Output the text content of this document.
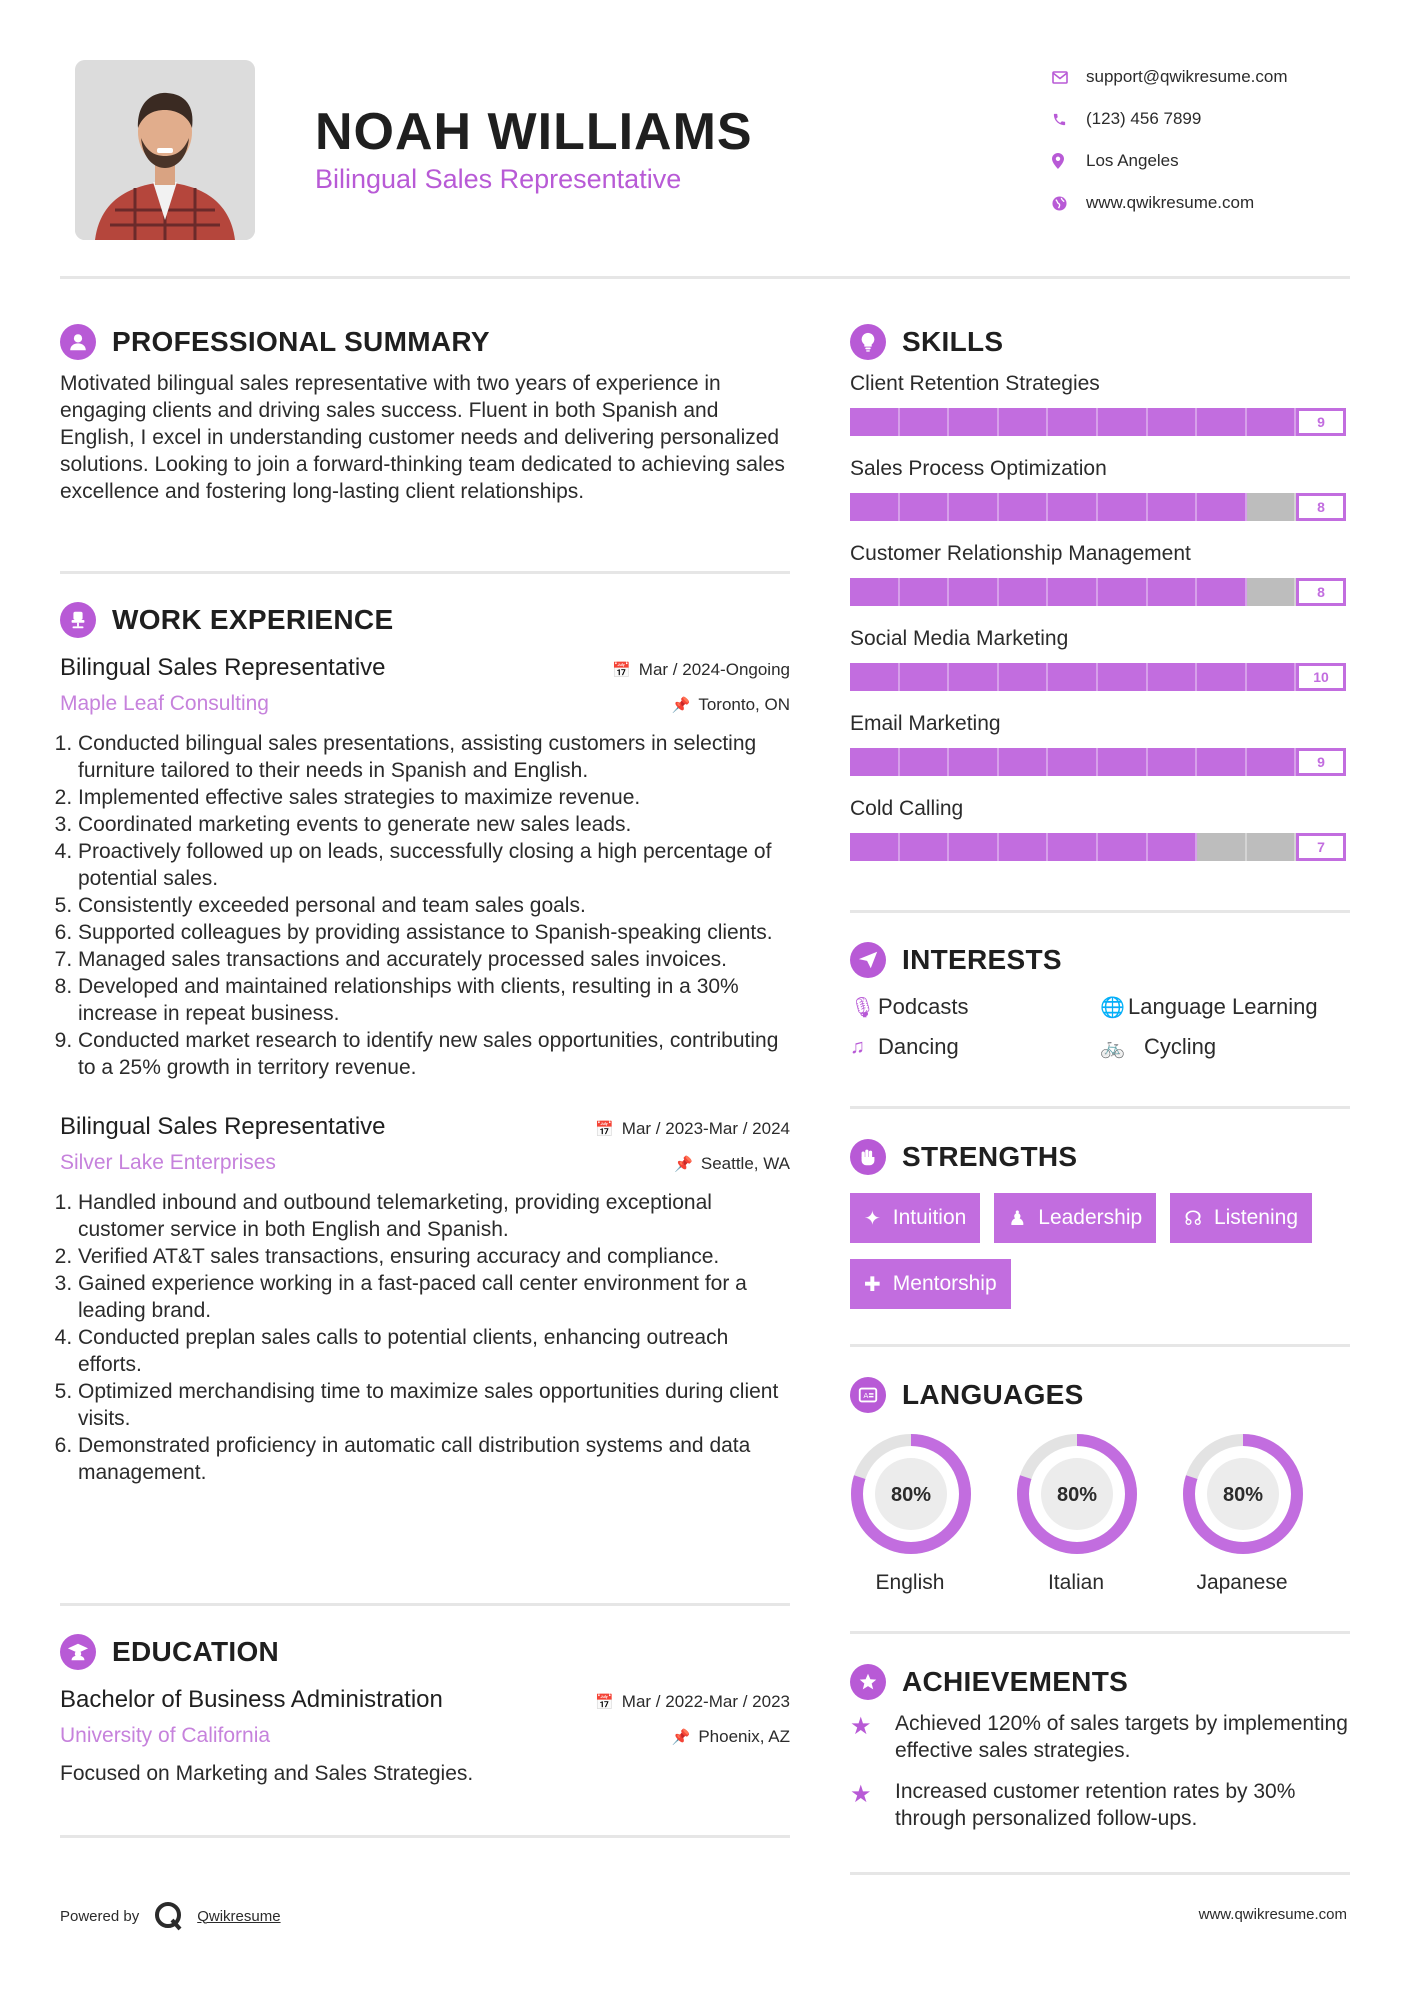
NOAH WILLIAMS
Bilingual Sales Representative
support@qwikresume.com
(123) 456 7899
Los Angeles
www.qwikresume.com
PROFESSIONAL SUMMARY

Motivated bilingual sales representative with two years of experience in engaging clients and driving sales success. Fluent in both Spanish and English, I excel in understanding customer needs and delivering personalized solutions. Looking to join a forward-thinking team dedicated to achieving sales excellence and fostering long-lasting client relationships.

WORK EXPERIENCE
Bilingual Sales Representative	📅 Mar / 2024-Ongoing
Maple Leaf Consulting	📌 Toronto, ON
1. Conducted bilingual sales presentations, assisting customers in selecting furniture tailored to their needs in Spanish and English.
2. Implemented effective sales strategies to maximize revenue.
3. Coordinated marketing events to generate new sales leads.
4. Proactively followed up on leads, successfully closing a high percentage of potential sales.
5. Consistently exceeded personal and team sales goals.
6. Supported colleagues by providing assistance to Spanish-speaking clients.
7. Managed sales transactions and accurately processed sales invoices.
8. Developed and maintained relationships with clients, resulting in a 30% increase in repeat business.
9. Conducted market research to identify new sales opportunities, contributing to a 25% growth in territory revenue.
Bilingual Sales Representative	📅 Mar / 2023-Mar / 2024
Silver Lake Enterprises	📌 Seattle, WA
1. Handled inbound and outbound telemarketing, providing exceptional customer service in both English and Spanish.
2. Verified AT&T sales transactions, ensuring accuracy and compliance.
3. Gained experience working in a fast-paced call center environment for a leading brand.
4. Conducted preplan sales calls to potential clients, enhancing outreach efforts.
5. Optimized merchandising time to maximize sales opportunities during client visits.
6. Demonstrated proficiency in automatic call distribution systems and data management.
EDUCATION
Bachelor of Business Administration	📅 Mar / 2022-Mar / 2023
University of California	📌 Phoenix, AZ

Focused on Marketing and Sales Strategies.

SKILLS
Client Retention Strategies
9
Sales Process Optimization
8
Customer Relationship Management
8
Social Media Marketing
10
Email Marketing
9
Cold Calling
7
INTERESTS
🎙 Podcasts	🌐 Language Learning
♫ Dancing	🚲 Cycling
STRENGTHS
✦ Intuition ♟ Leadership ☊ Listening
✚ Mentorship
A LANGUAGES
80%
English
80%
Italian
80%
Japanese
ACHIEVEMENTS
★	Achieved 120% of sales targets by implementing effective sales strategies.
★	Increased customer retention rates by 30% through personalized follow-ups.
Powered by	Qwikresume	www.qwikresume.com
